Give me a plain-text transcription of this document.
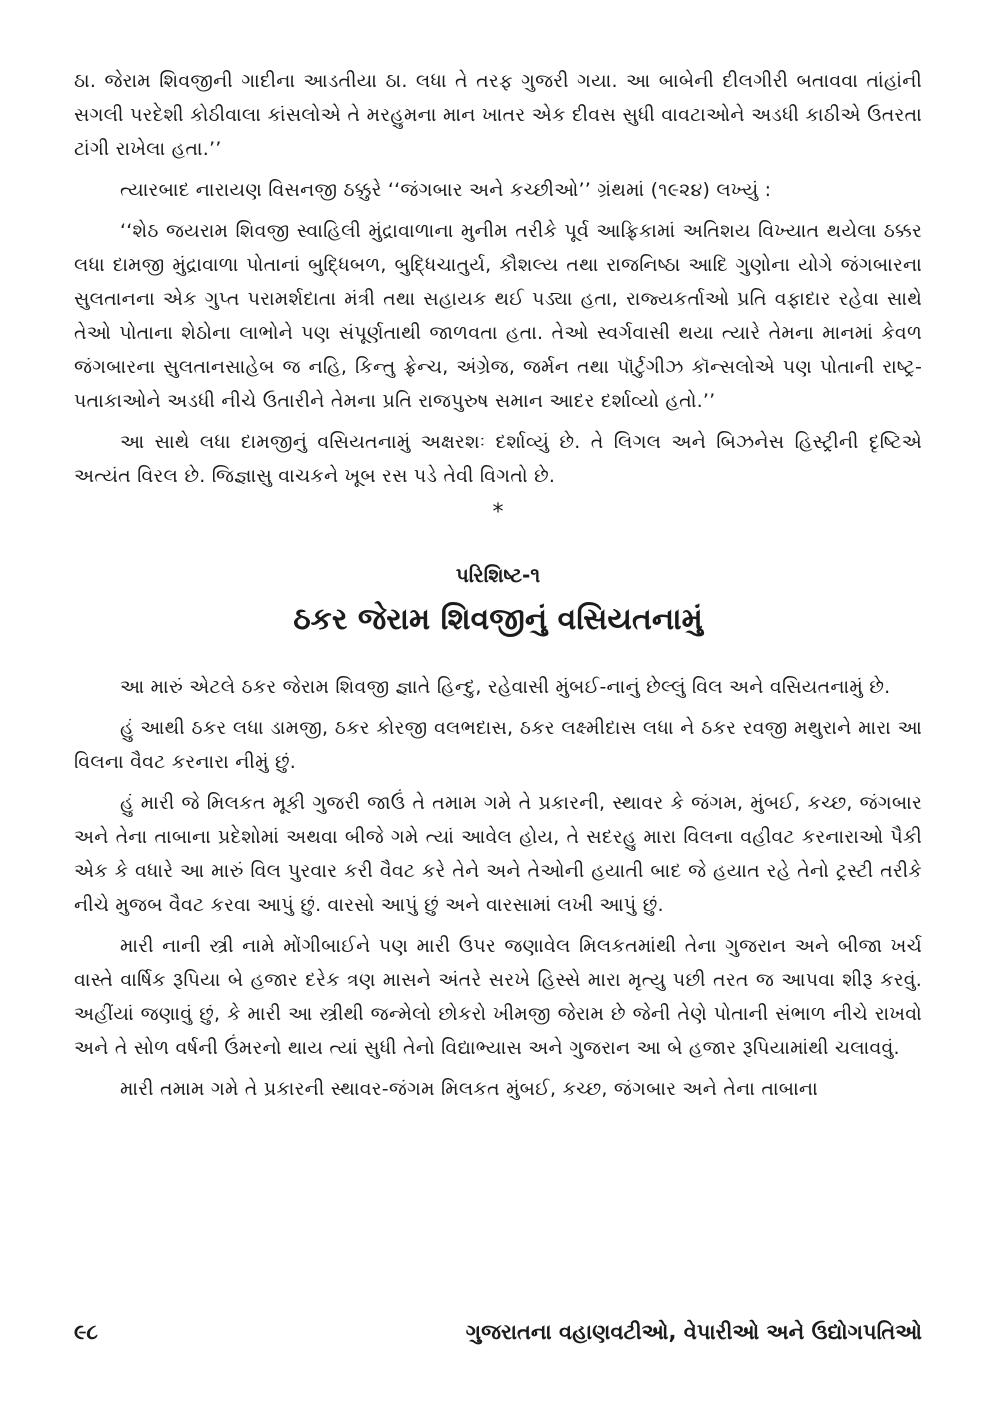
ઠા. જેરામ શિવજીની ગાદીના આડતીયા ઠા. લધા તે તરફ ગુજરી ગયા. આ બાબેની દીલગીરી બતાવવા તાંહાંની સગલી પરદેશી કોઠીવાલા કાંસલોએ તે મરહુમના માન ખાતર એક દીવસ સુધી વાવટાઓને અડધી કાઠીએ ઉતરતા ટાંગી રાખેલા હતા.’’

ત્યારબાદ નારાયણ વિસનજી ઠક્કુરે ‘‘જંગબાર અને કચ્છીઓ’’ ગ્રંથમાં (૧૯૨૪) લખ્યું :

‘‘શેઠ જયરામ શિવજી સ્વાહિલી મુંદ્રાવાળાના મુનીમ તરીકે પૂર્વ આફ્રિકામાં અતિશય વિખ્યાત થયેલા ઠક્કર લધા દામજી મુંદ્રાવાળા પોતાનાં બુદ્ધિબળ, બુદ્ધિચાતુર્ય, કૌશલ્ય તથા રાજનિષ્ઠા આદિ ગુણોના યોગે જંગબારના સુલતાનના એક ગુપ્ત પરામર્શદાતા મંત્રી તથા સહાયક થઈ પડ્યા હતા, રાજ્યકર્તાઓ પ્રતિ વફાદાર રહેવા સાથે તેઓ પોતાના શેઠોના લાભોને પણ સંપૂર્ણતાથી જાળવતા હતા. તેઓ સ્વર્ગવાસી થયા ત્યારે તેમના માનમાં કેવળ જંગબારના સુલતાનસાહેબ જ નહિ, કિન્તુ ફ્રેન્ચ, અંગ્રેજ, જર્મન તથા પૉર્ટુગીઝ કૉન્સલોએ પણ પોતાની રાષ્ટ્ર-પતાકાઓને અડધી નીચે ઉતારીને તેમના પ્રતિ રાજપુરુષ સમાન આદર દર્શાવ્યો હતો.’’

આ સાથે લધા દામજીનું વસિયતનામું અક્ષરશઃ દર્શાવ્યું છે. તે લિગલ અને બિઝનેસ હિસ્ટ્રીની દૃષ્ટિએ અત્યંત વિરલ છે. જિજ્ઞાસુ વાચકને ખૂબ રસ પડે તેવી વિગતો છે.

*
પરિશિષ્ટ-૧
ઠકર જેરામ શિવજીનું વસિયતનામું

આ મારું એટલે ઠકર જેરામ શિવજી જ્ઞાતે હિન્દુ, રહેવાસી મુંબઈ-નાનું છેલ્લું વિલ અને વસિયતનામું છે.

હું આથી ઠકર લધા ડામજી, ઠકર કોરજી વલભદાસ, ઠકર લક્ષ્મીદાસ લધા ને ઠકર રવજી મથુરાને મારા આ વિલના વૈવટ કરનારા નીમું છું.

હું મારી જે મિલકત મૂકી ગુજરી જાઉં તે તમામ ગમે તે પ્રકારની, સ્થાવર કે જંગમ, મુંબઈ, કચ્છ, જંગબાર અને તેના તાબાના પ્રદેશોમાં અથવા બીજે ગમે ત્યાં આવેલ હોય, તે સદરહુ મારા વિલના વહીવટ કરનારાઓ પૈકી એક કે વધારે આ મારું વિલ પુરવાર કરી વૈવટ કરે તેને અને તેઓની હયાતી બાદ જે હયાત રહે તેનો ટ્રસ્ટી તરીકે નીચે મુજબ વૈવટ કરવા આપું છું. વારસો આપું છું અને વારસામાં લખી આપું છું.

મારી નાની સ્ત્રી નામે મોંગીબાઈને પણ મારી ઉપર જણાવેલ મિલકતમાંથી તેના ગુજરાન અને બીજા ખર્ચ વાસ્તે વાર્ષિક રૂપિયા બે હજાર દરેક ત્રણ માસને અંતરે સરખે હિસ્સે મારા મૃત્યુ પછી તરત જ આપવા શીરૂ કરવું. અહીંયાં જણાવું છું, કે મારી આ સ્ત્રીથી જન્મેલો છોકરો ખીમજી જેરામ છે જેની તેણે પોતાની સંભાળ નીચે રાખવો અને તે સોળ વર્ષની ઉંમરનો થાય ત્યાં સુધી તેનો વિદ્યાભ્યાસ અને ગુજરાન આ બે હજાર રૂપિયામાંથી ચલાવવું.

મારી તમામ ગમે તે પ્રકારની સ્થાવર-જંગમ મિલકત મુંબઈ, કચ્છ, જંગબાર અને તેના તાબાના

૯૮	ગુજરાતના વહાણવટીઓ, વેપારીઓ અને ઉદ્યોગપતિઓ
